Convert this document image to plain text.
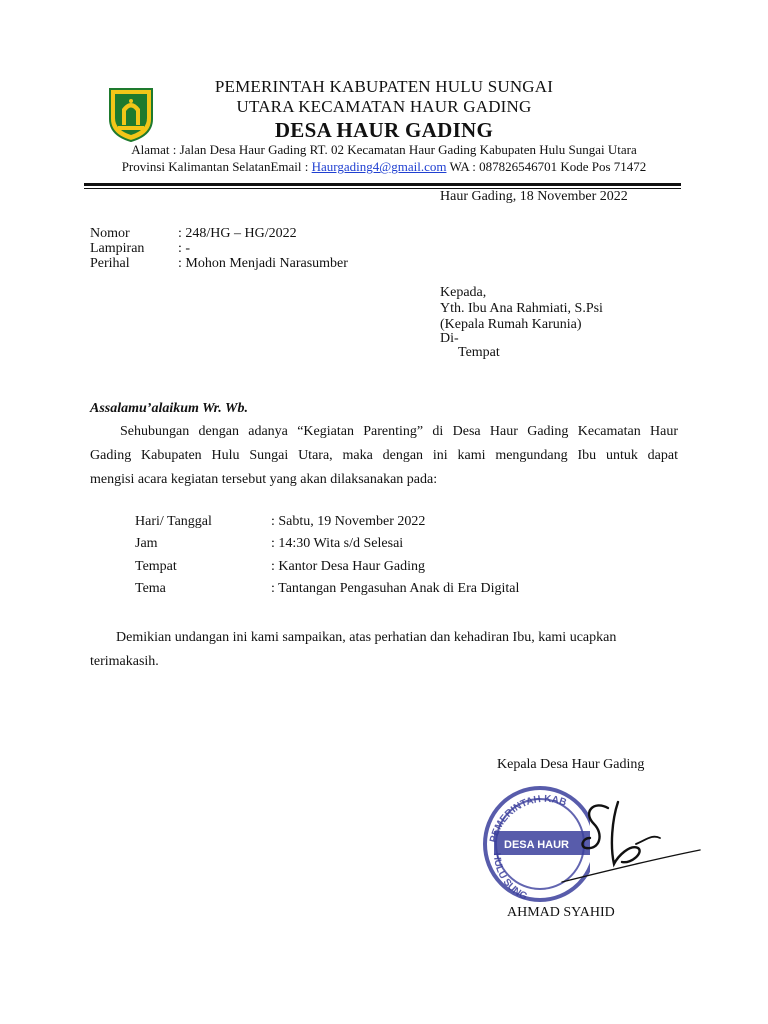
PEMERINTAH KABUPATEN HULU SUNGAI
UTARA KECAMATAN HAUR GADING
DESA HAUR GADING
Alamat : Jalan Desa Haur Gading RT. 02 Kecamatan Haur Gading Kabupaten Hulu Sungai Utara
Provinsi Kalimantan SelatanEmail : Haurgading4@gmail.com WA : 087826546701 Kode Pos 71472
Haur Gading, 18 November 2022
Nomor	: 248/HG – HG/2022
Lampiran : -
Perihal	: Mohon Menjadi Narasumber
Kepada,
Yth. Ibu Ana Rahmiati, S.Psi
(Kepala Rumah Karunia)
Di-
Tempat
Assalamu’alaikum Wr. Wb.
Sehubungan dengan adanya “Kegiatan Parenting” di Desa Haur Gading Kecamatan Haur
Gading Kabupaten Hulu Sungai Utara, maka dengan ini kami mengundang Ibu untuk dapat
mengisi acara kegiatan tersebut yang akan dilaksanakan pada:
Hari/ Tanggal	: Sabtu, 19 November 2022
Jam	: 14:30 Wita s/d Selesai
Tempat	: Kantor Desa Haur Gading
Tema	: Tantangan Pengasuhan Anak di Era Digital
Demikian undangan ini kami sampaikan, atas perhatian dan kehadiran Ibu, kami ucapkan
terimakasih.
Kepala Desa Haur Gading
PEMERINTAH KAB
DESA HAUR
HULU SUNG
AHMAD SYAHID
